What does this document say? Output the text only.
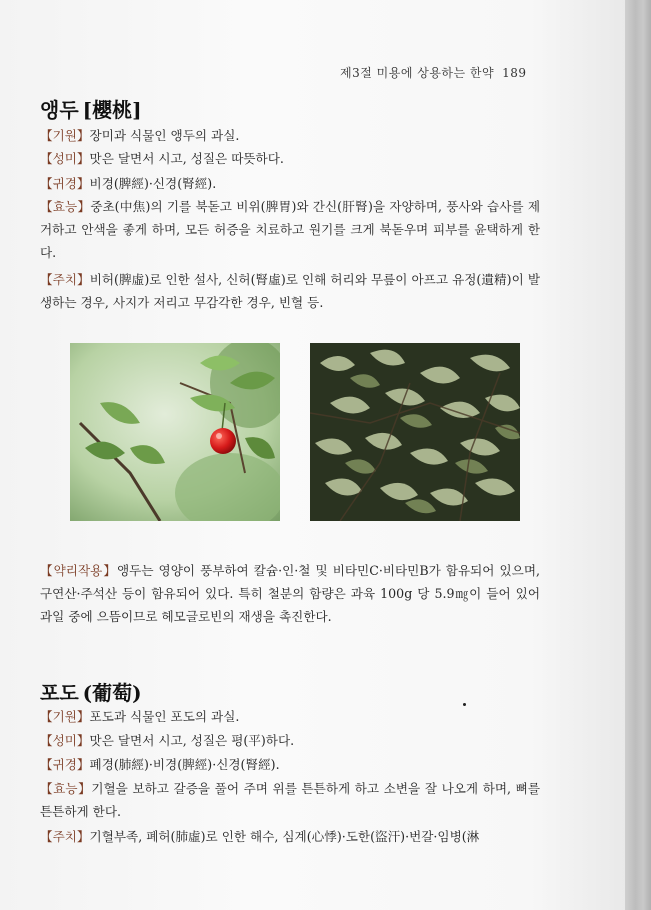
제3절 미용에 상용하는 한약 189
앵두 [櫻桃]
【기원】장미과 식물인 앵두의 과실.
【성미】맛은 달면서 시고, 성질은 따뜻하다.
【귀경】비경(脾經)·신경(腎經).
【효능】중초(中焦)의 기를 북돋고 비위(脾胃)와 간신(肝腎)을 자양하며, 풍사와 습사를 제거하고 안색을 좋게 하며, 모든 허증을 치료하고 원기를 크게 북돋우며 피부를 윤택하게 한다.
【주치】비허(脾虛)로 인한 설사, 신허(腎虛)로 인해 허리와 무릎이 아프고 유정(遺精)이 발생하는 경우, 사지가 저리고 무감각한 경우, 빈혈 등.
【약리작용】앵두는 영양이 풍부하여 칼슘·인·철 및 비타민C·비타민B가 함유되어 있으며, 구연산·주석산 등이 함유되어 있다. 특히 철분의 함량은 과육 100g 당 5.9㎎이 들어 있어 과일 중에 으뜸이므로 헤모글로빈의 재생을 촉진한다.
포도 (葡萄)
【기원】포도과 식물인 포도의 과실.
【성미】맛은 달면서 시고, 성질은 평(平)하다.
【귀경】폐경(肺經)·비경(脾經)·신경(腎經).
【효능】기혈을 보하고 갈증을 풀어 주며 위를 튼튼하게 하고 소변을 잘 나오게 하며, 뼈를 튼튼하게 한다.
【주치】기혈부족, 폐허(肺虛)로 인한 해수, 심계(心悸)·도한(盜汗)·번갈·임병(淋
